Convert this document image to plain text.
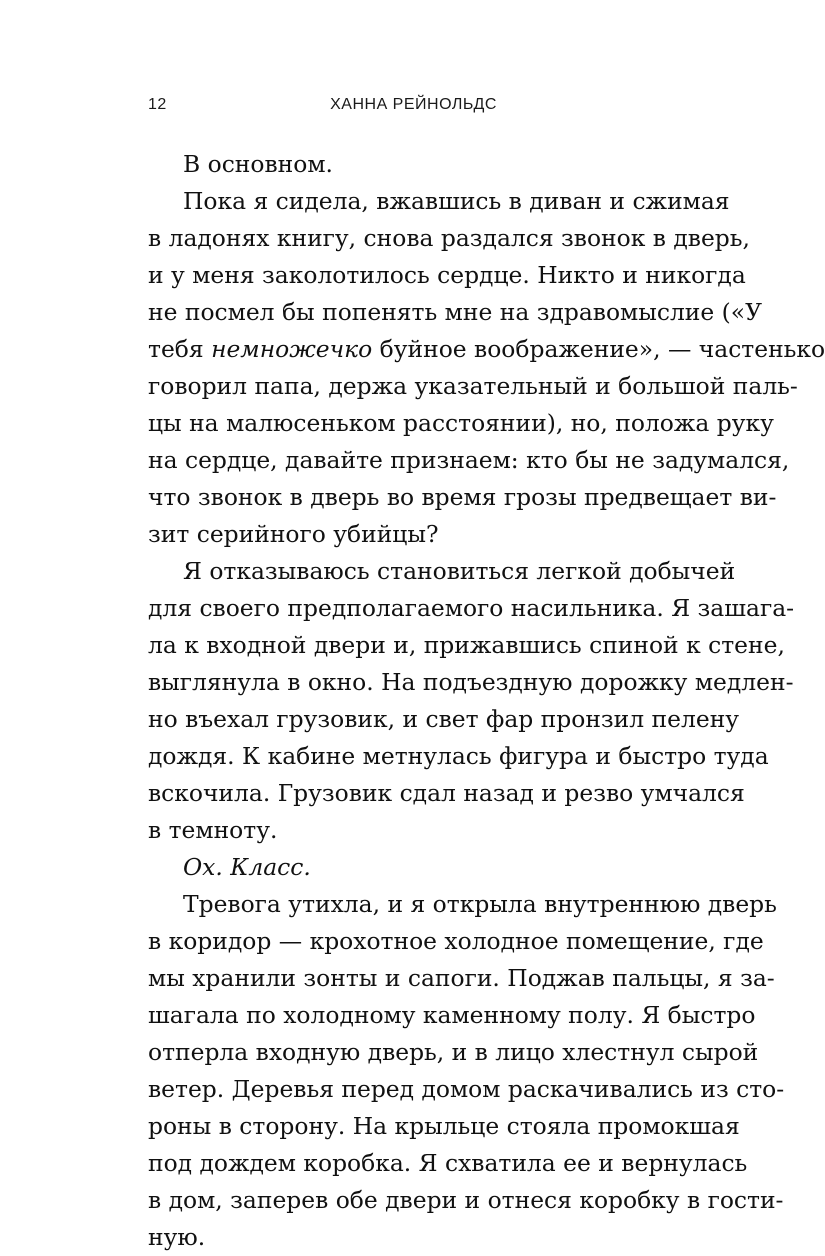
12	ХАННА РЕЙНОЛЬДС
В основном.
Пока я сидела, вжавшись в диван и сжимая
в ладонях книгу, снова раздался звонок в дверь,
и у меня заколотилось сердце. Никто и никогда
не посмел бы попенять мне на здравомыслие («У
тебя немножечко буйное воображение», — частенько
говорил папа, держа указательный и большой паль-
цы на малюсеньком расстоянии), но, положа руку
на сердце, давайте признаем: кто бы не задумался,
что звонок в дверь во время грозы предвещает ви-
зит серийного убийцы?
Я отказываюсь становиться легкой добычей
для своего предполагаемого насильника. Я зашага-
ла к входной двери и, прижавшись спиной к стене,
выглянула в окно. На подъездную дорожку медлен-
но въехал грузовик, и свет фар пронзил пелену
дождя. К кабине метнулась фигура и быстро туда
вскочила. Грузовик сдал назад и резво умчался
в темноту.
Ох. Класс.
Тревога утихла, и я открыла внутреннюю дверь
в коридор — крохотное холодное помещение, где
мы хранили зонты и сапоги. Поджав пальцы, я за-
шагала по холодному каменному полу. Я быстро
отперла входную дверь, и в лицо хлестнул сырой
ветер. Деревья перед домом раскачивались из сто-
роны в сторону. На крыльце стояла промокшая
под дождем коробка. Я схватила ее и вернулась
в дом, заперев обе двери и отнеся коробку в гости-
ную.
